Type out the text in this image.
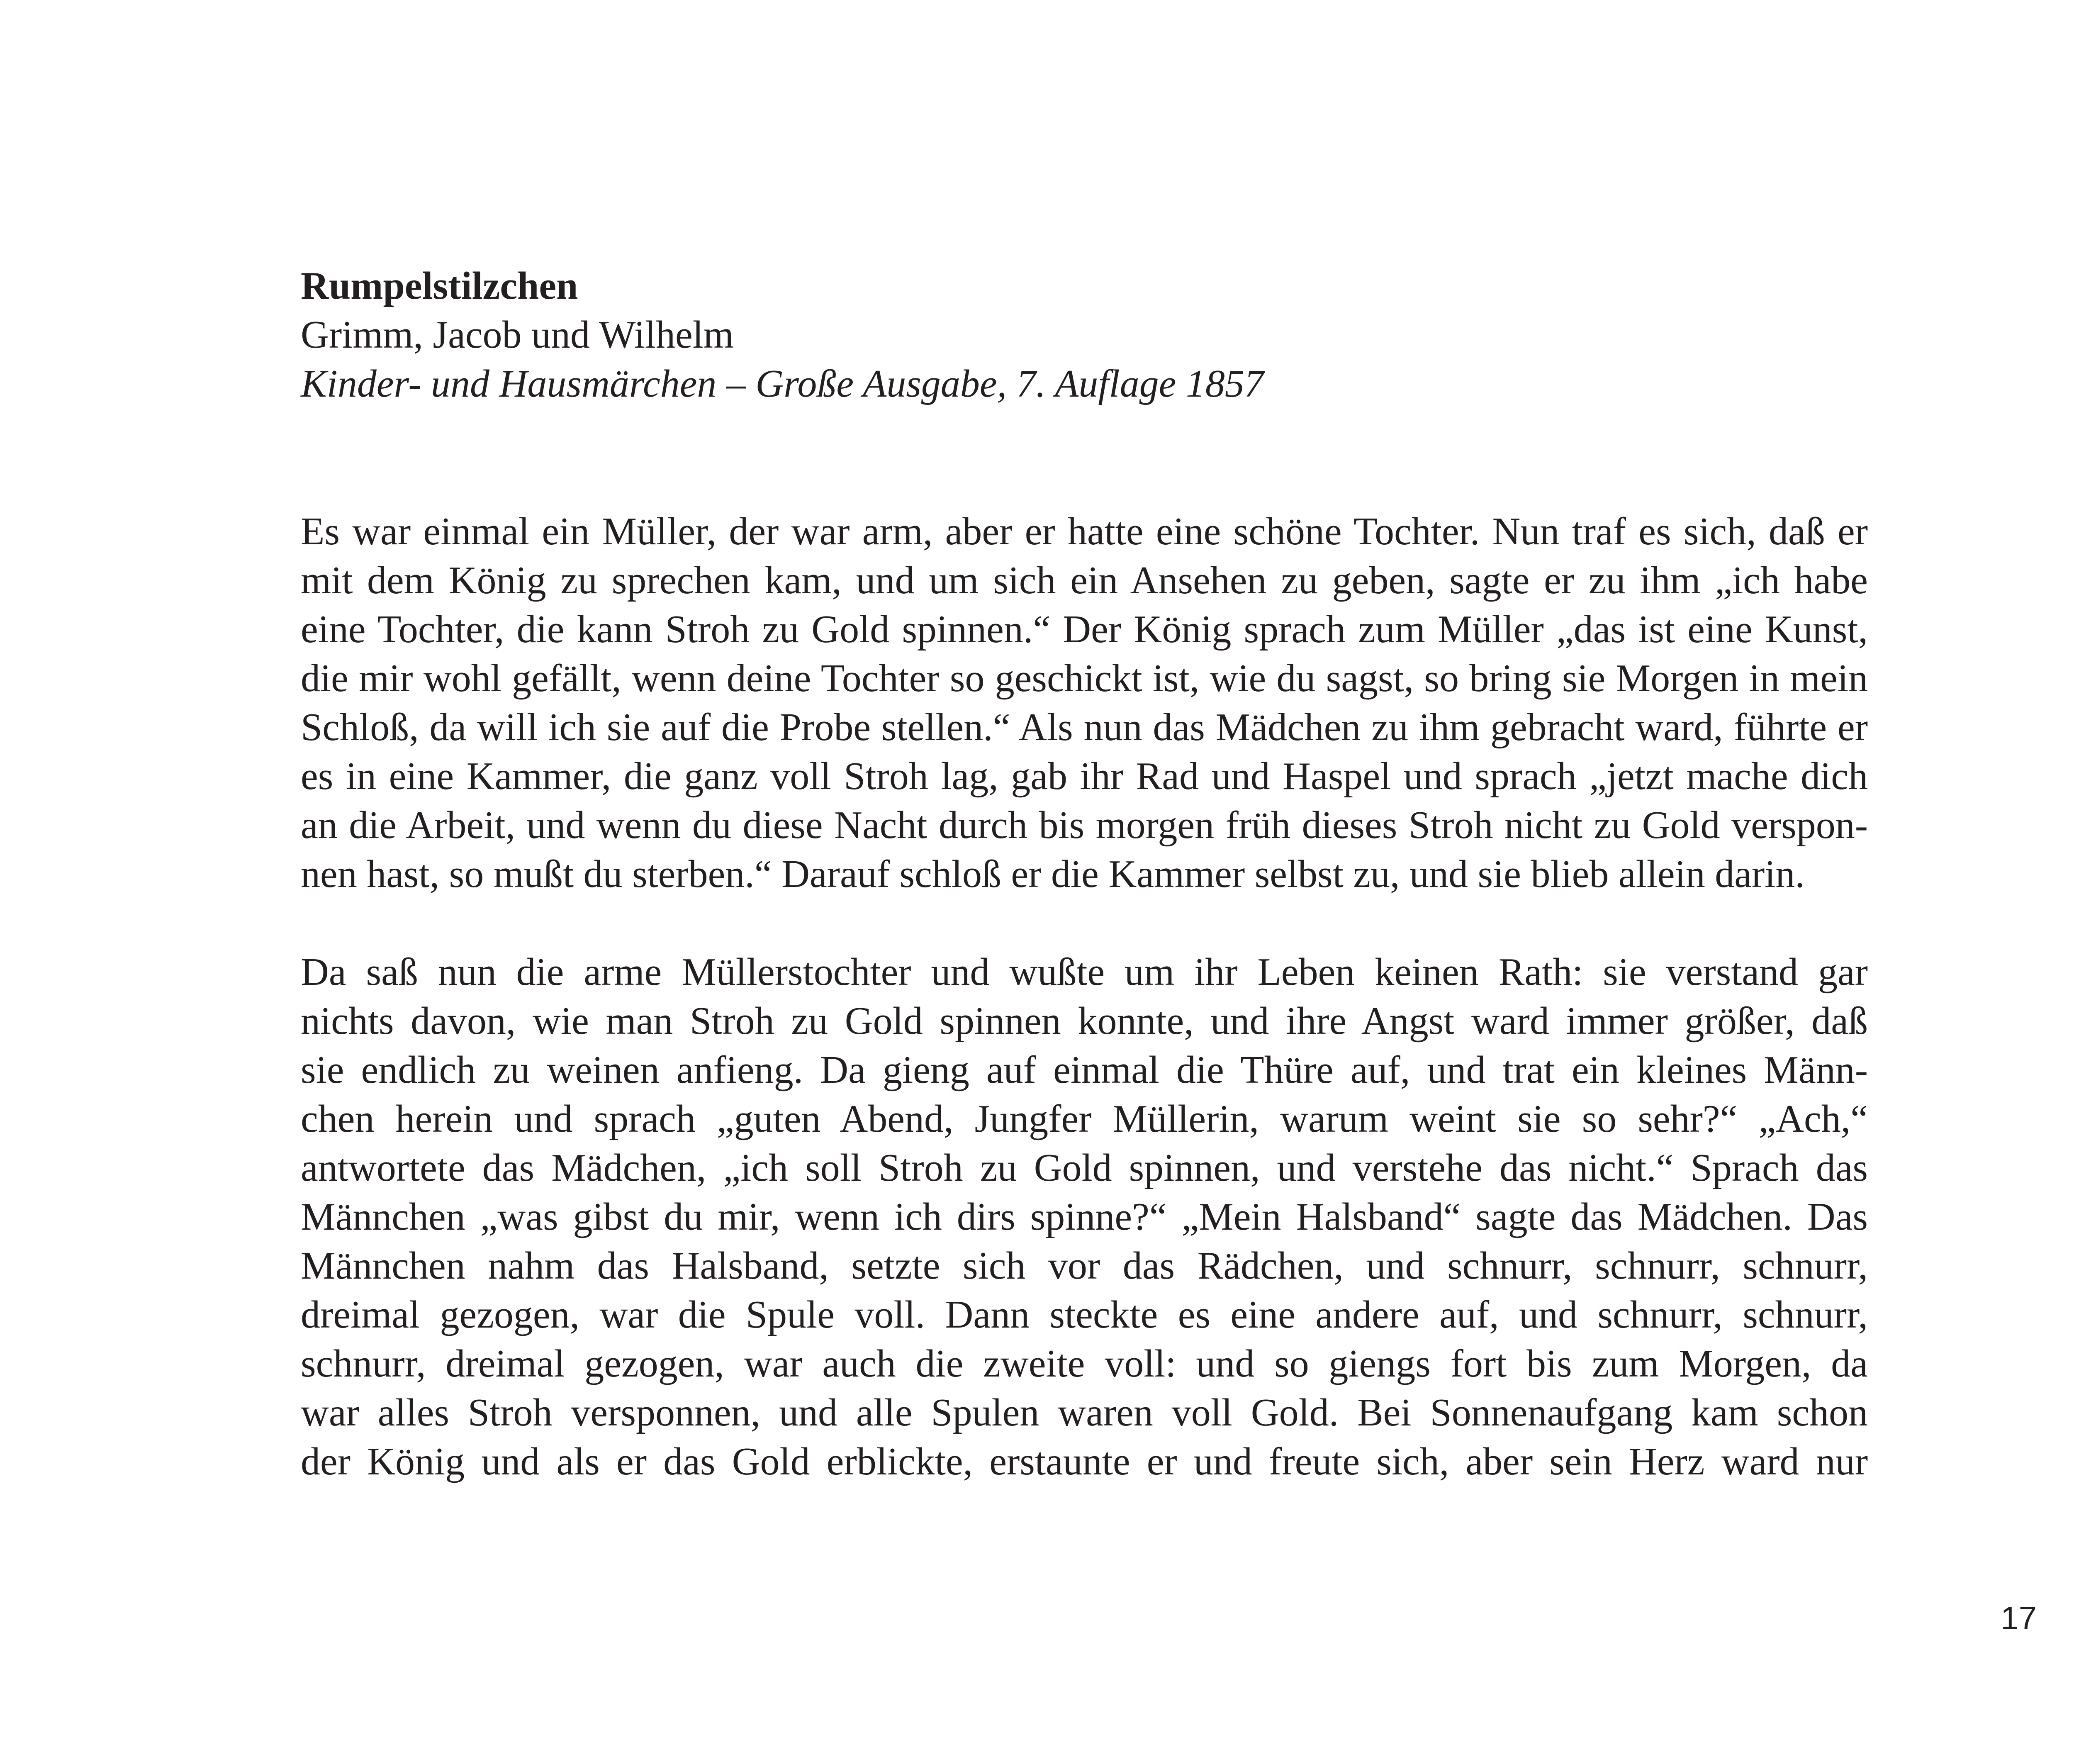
Rumpelstilzchen

Grimm, Jacob und Wilhelm

Kinder- und Hausmärchen – Große Ausgabe, 7. Auflage 1857

Es war einmal ein Müller, der war arm, aber er hatte eine schöne Tochter. Nun traf es sich, daß er
mit dem König zu sprechen kam, und um sich ein Ansehen zu geben, sagte er zu ihm „ich habe
eine Tochter, die kann Stroh zu Gold spinnen.“ Der König sprach zum Müller „das ist eine Kunst,
die mir wohl gefällt, wenn deine Tochter so geschickt ist, wie du sagst, so bring sie Morgen in mein
Schloß, da will ich sie auf die Probe stellen.“ Als nun das Mädchen zu ihm gebracht ward, führte er
es in eine Kammer, die ganz voll Stroh lag, gab ihr Rad und Haspel und sprach „jetzt mache dich
an die Arbeit, und wenn du diese Nacht durch bis morgen früh dieses Stroh nicht zu Gold verspon-
nen hast, so mußt du sterben.“ Darauf schloß er die Kammer selbst zu, und sie blieb allein darin.
Da saß nun die arme Müllerstochter und wußte um ihr Leben keinen Rath: sie verstand gar
nichts davon, wie man Stroh zu Gold spinnen konnte, und ihre Angst ward immer größer, daß
sie endlich zu weinen anfieng. Da gieng auf einmal die Thüre auf, und trat ein kleines Männ-
chen herein und sprach „guten Abend, Jungfer Müllerin, warum weint sie so sehr?“ „Ach,“
antwortete das Mädchen, „ich soll Stroh zu Gold spinnen, und verstehe das nicht.“ Sprach das
Männchen „was gibst du mir, wenn ich dirs spinne?“ „Mein Halsband“ sagte das Mädchen. Das
Männchen nahm das Halsband, setzte sich vor das Rädchen, und schnurr, schnurr, schnurr,
dreimal gezogen, war die Spule voll. Dann steckte es eine andere auf, und schnurr, schnurr,
schnurr, dreimal gezogen, war auch die zweite voll: und so giengs fort bis zum Morgen, da
war alles Stroh versponnen, und alle Spulen waren voll Gold. Bei Sonnenaufgang kam schon
der König und als er das Gold erblickte, erstaunte er und freute sich, aber sein Herz ward nur
17
